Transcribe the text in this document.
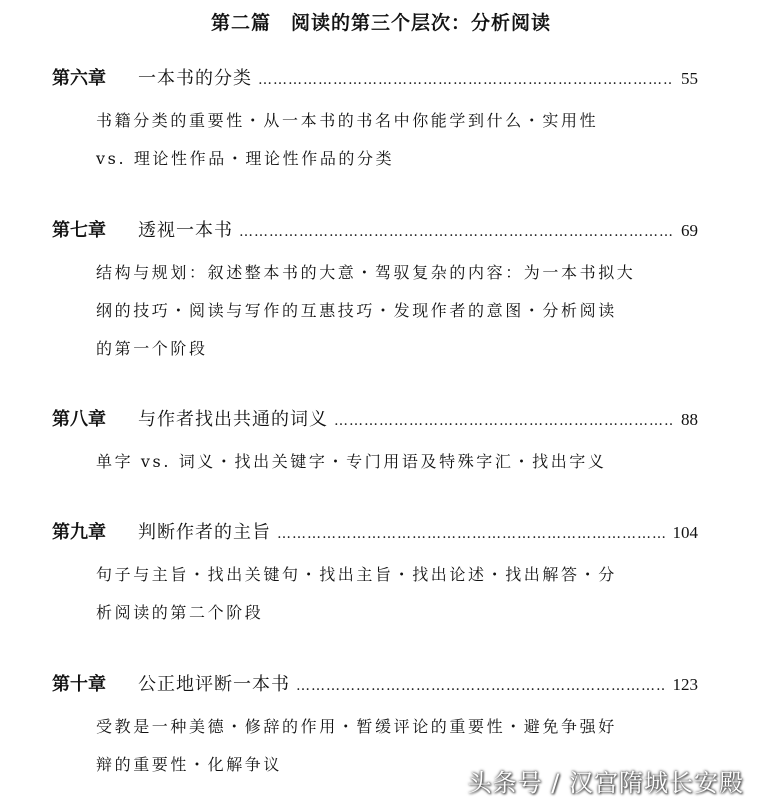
第二篇　阅读的第三个层次：分析阅读
第六章	一本书的分类 ……………………………………………………………………………………………………………………………………	55
书籍分类的重要性・从一本书的书名中你能学到什么・实用性
vs. 理论性作品・理论性作品的分类
第七章	透视一本书 ……………………………………………………………………………………………………………………………………	69
结构与规划：叙述整本书的大意・驾驭复杂的内容：为一本书拟大
纲的技巧・阅读与写作的互惠技巧・发现作者的意图・分析阅读
的第一个阶段
第八章	与作者找出共通的词义 ……………………………………………………………………………………………………………………………………	88
单字 vs. 词义・找出关键字・专门用语及特殊字汇・找出字义
第九章	判断作者的主旨 ……………………………………………………………………………………………………………………………………	104
句子与主旨・找出关键句・找出主旨・找出论述・找出解答・分
析阅读的第二个阶段
第十章	公正地评断一本书 ……………………………………………………………………………………………………………………………………	123
受教是一种美德・修辞的作用・暂缓评论的重要性・避免争强好
辩的重要性・化解争议
头条号 / 汉宫隋城长安殿
